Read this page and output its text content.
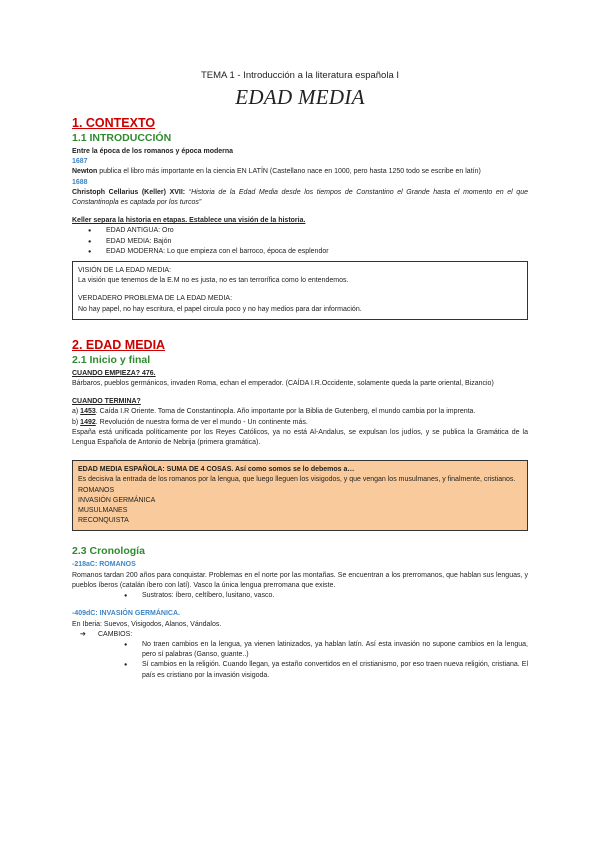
TEMA 1 - Introducción a la literatura española I

EDAD MEDIA

1. CONTEXTO
1.1 INTRODUCCIÓN

Entre la época de los romanos y época moderna

1687

Newton publica el libro más importante en la ciencia EN LATÍN (Castellano nace en 1000, pero hasta 1250 todo se escribe en latín)

1688

Christoph Cellarius (Keller) XVII: “Historia de la Edad Media desde los tiempos de Constantino el Grande hasta el momento en el que Constantinopla es captada por los turcos”

Keller separa la historia en etapas. Establece una visión de la historia.

● EDAD ANTIGUA: Oro
● EDAD MEDIA: Bajón
● EDAD MODERNA: Lo que empieza con el barroco, época de esplendor

VISIÓN DE LA EDAD MEDIA:

La visión que tenemos de la E.M no es justa, no es tan terrorífica como lo entendemos.

VERDADERO PROBLEMA DE LA EDAD MEDIA:

No hay papel, no hay escritura, el papel circula poco y no hay medios para dar información.

2. EDAD MEDIA
2.1 Inicio y final

CUANDO EMPIEZA? 476.

Bárbaros, pueblos germánicos, invaden Roma, echan el emperador. (CAÍDA I.R.Occidente, solamente queda la parte oriental, Bizancio)

CUANDO TERMINA?

a) 1453. Caída I.R Oriente. Toma de Constantinopla. Año importante por la Biblia de Gutenberg, el mundo cambia por la imprenta.

b) 1492. Revolución de nuestra forma de ver el mundo - Un continente más.

España está unificada políticamente por los Reyes Católicos, ya no está Al-Andalus, se expulsan los judíos, y se publica la Gramática de la Lengua Española de Antonio de Nebrija (primera gramática).

EDAD MEDIA ESPAÑOLA: SUMA DE 4 COSAS. Así como somos se lo debemos a…

Es decisiva la entrada de los romanos por la lengua, que luego lleguen los visigodos, y que vengan los musulmanes, y finalmente, cristianos.

ROMANOS

INVASIÓN GERMÁNICA

MUSULMANES

RECONQUISTA

2.3 Cronología

-218aC: ROMANOS

Romanos tardan 200 años para conquistar. Problemas en el norte por las montañas. Se encuentran a los prerromanos, que hablan sus lenguas, y pueblos íberos (catalán íbero con latí). Vasco la única lengua prerromana que existe.

● Sustratos: íbero, celtíbero, lusitano, vasco.

-409dC: INVASIÓN GERMÁNICA.

En Iberia: Suevos, Visigodos, Alanos, Vándalos.

➔ CAMBIOS:
● No traen cambios en la lengua, ya vienen latinizados, ya hablan latín. Así esta invasión no supone cambios en la lengua, pero sí palabras (Ganso, guante..)
● Sí cambios en la religión. Cuando llegan, ya estaño convertidos en el cristianismo, por eso traen nueva religión, cristiana. El país es cristiano por la invasión visigoda.
